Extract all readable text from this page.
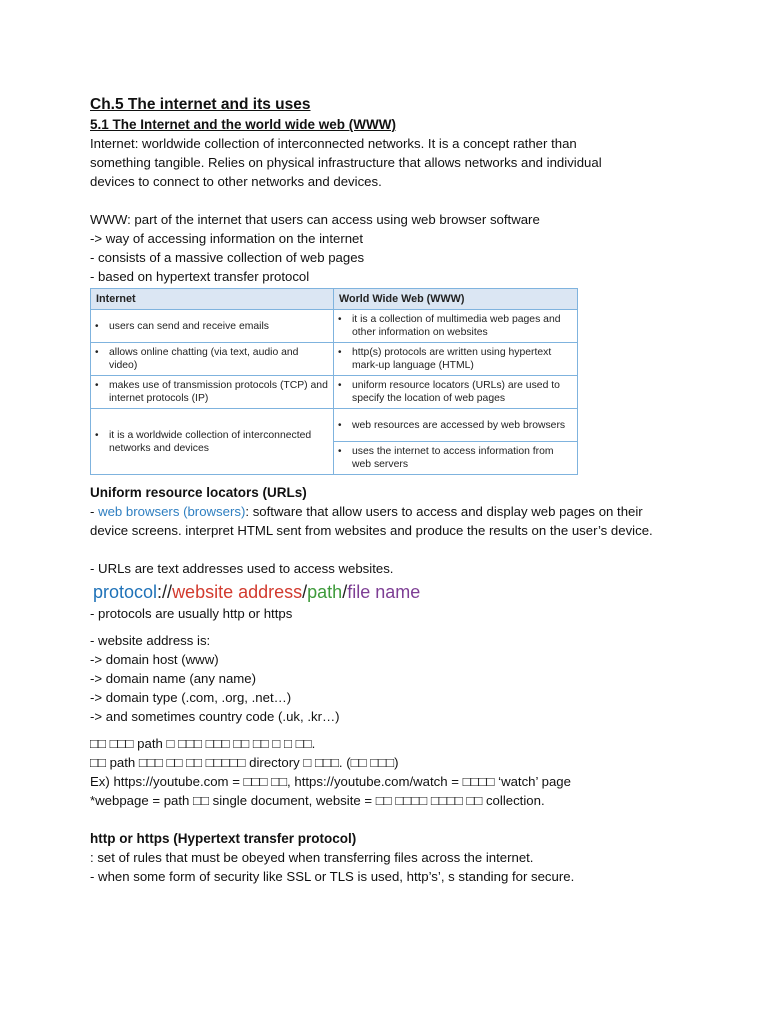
Ch.5 The internet and its uses
5.1 The Internet and the world wide web (WWW)
Internet: worldwide collection of interconnected networks. It is a concept rather than
something tangible. Relies on physical infrastructure that allows networks and individual
devices to connect to other networks and devices.
WWW: part of the internet that users can access using web browser software
-> way of accessing information on the internet
- consists of a massive collection of web pages
- based on hypertext transfer protocol
Internet	World Wide Web (WWW)

• users can send and receive emails	• it is a collection of multimedia web pages and other information on websites

• allows online chatting (via text, audio and video)	• http(s) protocols are written using hypertext mark-up language (HTML)

• makes use of transmission protocols (TCP) and internet protocols (IP)	• uniform resource locators (URLs) are used to specify the location of web pages

• it is a worldwide collection of interconnected networks and devices	• web resources are accessed by web browsers

	• uses the internet to access information from web servers
Uniform resource locators (URLs)
- web browsers (browsers): software that allow users to access and display web pages on their
device screens. interpret HTML sent from websites and produce the results on the user’s device.
- URLs are text addresses used to access websites.
protocol://website address/path/file name
- protocols are usually http or https
- website address is:
-> domain host (www)
-> domain name (any name)
-> domain type (.com, .org, .net…)
-> and sometimes country code (.uk, .kr…)
□□ □□□ path □ □□□ □□□ □□ □□ □ □ □□.
□□ path □□□ □□ □□ □□□□□ directory □ □□□. (□□ □□□)
Ex) https://youtube.com = □□□ □□, https://youtube.com/watch = □□□□ ‘watch’ page
*webpage = path □□ single document, website = □□ □□□□ □□□□ □□ collection.
http or https (Hypertext transfer protocol)
: set of rules that must be obeyed when transferring files across the internet.
- when some form of security like SSL or TLS is used, http’s’, s standing for secure.
